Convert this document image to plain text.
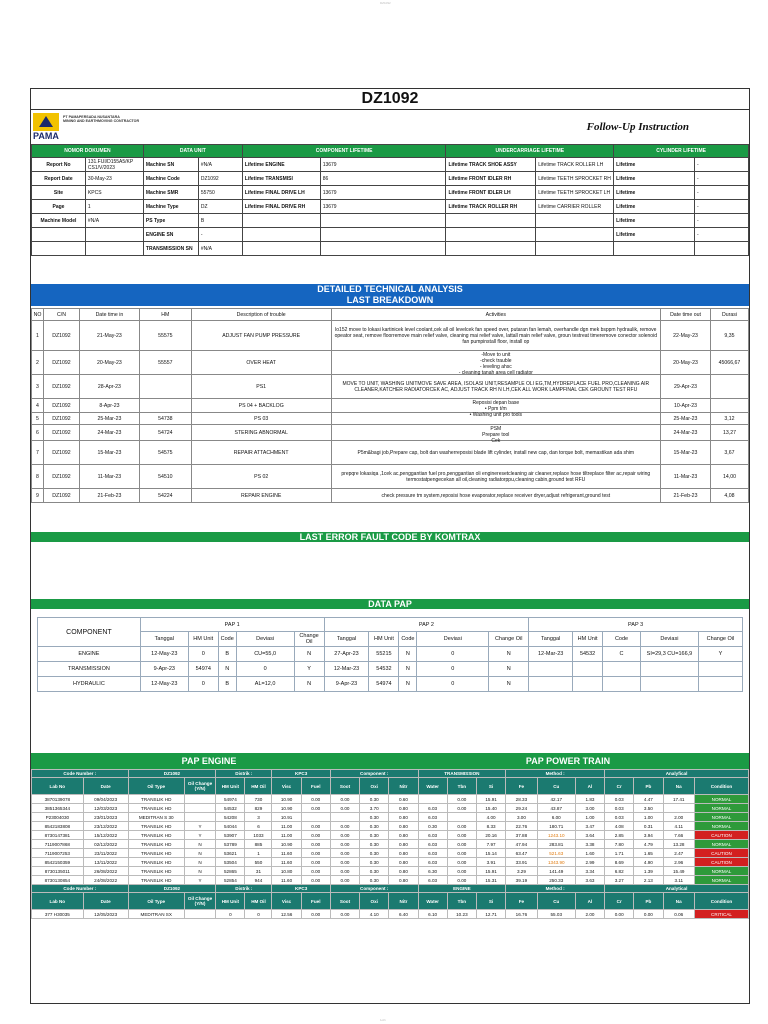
DZ1092
DZ1092
PAMA
PT PAMAPERSADA NUSANTARA
MINING AND EARTHMOVING CONTRACTOR	Follow-Up Instruction
NOMOR DOKUMEN		DATA UNIT		COMPONENT LIFETIME		UNDERCARRIAGE LIFETIME		CYLINDER LIFETIME	
Report No	131.FUI/D155A5/KP CS1/V/2023	Machine SN	#N/A	Lifetime ENGINE	13679	Lifetime TRACK SHOE ASSY	Lifetime TRACK ROLLER LH	Lifetime	-
Report Date	30-May-23	Machine Code	DZ1092	Lifetime TRANSMISI	86	Lifetime FRONT IDLER RH	Lifetime TEETH SPROCKET RH	Lifetime	-
Site	KPCS	Machine SMR	55750	Lifetime FINAL DRIVE LH	13679	Lifetime FRONT IDLER LH	Lifetime TEETH SPROCKET LH	Lifetime	-
Page	1	Machine Type	DZ	Lifetime FINAL DRIVE RH	13679	Lifetime TRACK ROLLER RH	Lifetime CARRIER ROLLER	Lifetime	-
Machine Model	#N/A	PS Type	B					Lifetime	-
		ENGINE SN	-					Lifetime	-
		TRANSMISSION SN	#N/A						
DETAILED TECHNICAL ANALYSIS
LAST BREAKDOWN
NO	C/N	Date time in	HM	Description of trouble	Activities	Date time out	Durasi
1	DZ1092	21-May-23	55575	ADJUST FAN PUMP PRESSURE	lo152 move to lokasi kartinicek level coolant,cek all oil levelcek fan speed over, putaran fan lemah, overhandle dgn mek bsppm hydraulik, remove opeator seat, remove floorremove main relief valve, cleaning mai relief valve, lattall main relief valve, groun testreat timeremove conector solenoid fan pumpinstall floor, install op	22-May-23	9,35
2	DZ1092	20-May-23	55557	OVER HEAT	-Move to unit
-check trauble
- leveling ahsc
- cleaning tanah area cell radiator	20-May-23	45066,67
3	DZ1092	28-Apr-23		PS1	MOVE TO UNIT, WASHING UNITMOVE SAVE AREA, ISOLASI UNIT,RESAMPLE OLI EG,TM,HYDREPLACE FUEL PRO,CLEANING AIR CLEANER,KATCHER RADIATORCEK AC, ADJUST TRACK RH N LH,CEK ALL WORK LAMPFINAL CEK GROUNT TEST RFU	29-Apr-23	
4	DZ1092	8-Apr-23		PS 04 + BACKLOG	Reposisi depan base
• Ppm t/m
• Washing unit pro tools	10-Apr-23	
5	DZ1092	25-Mar-23	54738	PS 03		25-Mar-23	3,12
6	DZ1092	24-Mar-23	54724	STERING ABNORMAL	PSM
Prepare tool
Cek	24-Mar-23	13,27
7	DZ1092	15-Mar-23	54575	REPAIR ATTACHMENT	P5m&bagi job,Prepare cap, bolt dan washerreposisi blade lift cylinder, install new cap, dan torque bolt, memastikan ada shim	15-Mar-23	3,67
8	DZ1092	11-Mar-23	54510	PS 02	prepqre lokasiqa ,1cek ac,penggantian fuel pro,penggantian oli engineresetcleaning air cleaner,replace hose tiltreplace filter ac,repair wiring termostatpengecekan all oil,cleaning radiatorppu,cleaning cabin,ground test RFU	11-Mar-23	14,00
9	DZ1092	21-Feb-23	54224	REPAIR ENGINE	check pressure tm system,reposisi hose evaporator,replace receiver dryer,adjust refrigerant,ground test	21-Feb-23	4,08
LAST ERROR FAULT CODE BY KOMTRAX
DATA PAP
COMPONENT	PAP 1					PAP 2					PAP 3				
	Tanggal	HM Unit	Code	Deviasi	Change Oil	Tanggal	HM Unit	Code	Deviasi	Change Oil	Tanggal	HM Unit	Code	Deviasi	Change Oil
ENGINE	12-May-23	0	B	CU=55,0	N	27-Apr-23	55215	N	0	N	12-Mar-23	54532	C	SI=29,3 CU=166,9	Y
TRANSMISSION	9-Apr-23	54974	N	0	Y	12-Mar-23	54532	N	0	N					
HYDRAULIC	12-May-23	0	B	AL=12,0	N	9-Apr-23	54974	N	0	N					
PAP ENGINE	PAP POWER TRAIN
Code Number :		DZ1092		Distrik :		KPC3		Component :			TRANSMISSION			Method :			Analyfical			
Lab No	Date	Oil Type	Oil Change (Y/N)	HM Unit	HM Oil	Visc	Fuel	Soot	Oxi	Nitr	Water	Tbn	Si	Fe	Cu	Al	Cr	Pb	Na	Condition
3870139078	09/04/2023	TRANSLIK HD		54974	730	10.90	0.00	0.00	0.30	0.60		0.00	15.91	28.33	42.17	1.83	0.03	4.47	17.41	NORMAL
3851365344	12/03/2023	TRANSLIK HD		54532	829	10.90	0.00	0.00	3.70	0.80	6.03	0.00	15.40	29.24	43.87	3.00	0.03	3.50		NORMAL
P23004030	23/01/2023	MEDITRAN S 30		54208	3	10.91			0.30	0.80	6.03		4.00	3.00	6.00	1.00	0.03	1.00	2.00	NORMAL
8542183808	23/12/2022	TRANSLIK HD	Y	54044	6	11.00	0.00	0.00	0.30	0.80	0.30	0.00	8.33	22.76	180.71	3.47	4.08	0.31	4.11	NORMAL
8730147381	15/12/2022	TRANSLIK HD	Y	53907	1033	11.00	0.00	0.00	0.30	0.80	6.03	0.00	20.16	37.88	1243.10	3.64	2.85	3.94	7.66	CAUTION
7119007868	02/12/2022	TRANSLIK HD	N	53789	885	10.90	0.00	0.00	0.30	0.80	6.03	0.00	7.97	47.94	283.81	3.38	7.80	4.79	13.28	NORMAL
7119007253	23/11/2022	TRANSLIK HD	N	53621	1	11.60	0.00	0.00	0.30	0.80	6.03	0.00	15.14	63.47	521.63	1.60	1.71	1.65	2.47	CAUTION
8542150359	13/11/2022	TRANSLIK HD	N	53504	550	11.60	0.00	0.00	0.30	0.80	6.03	0.00	3.91	33.91	1343.90	2.99	8.69	4.90	2.96	CAUTION
8730135011	26/08/2022	TRANSLIK HD	N	52865	31	10.80	0.00	0.00	0.30	0.80	6.30	0.00	15.91	3.29	141.49	3.34	6.82	1.39	15.49	NORMAL
8730130854	24/08/2022	TRANSLIK HD	Y	52854	944	11.60	0.00	0.00	0.30	0.80	6.03	0.00	15.31	39.19	250.33	3.63	3.27	2.13	3.11	NORMAL
Code Number :		DZ1092		Distrik :		KPC3		Component :			ENGINE			Method :			Analytical			
Lab No	Date	Oil Type	Oil Change (Y/N)	HM Unit	HM Oil	Visc	Fuel	Soot	Oxi	Nitr	Water	Tbn	Si	Fe	Cu	Al	Cr	Pb	Na	Condition
377 H30035	12/05/2023	MEDITRAN SX		0	0	12.56	0.00	0.00	4.10	6.40	6.10	10.23	12.71	16.76	55.03	2.00	0.00	0.00	0.06	CRITICAL
1of1
